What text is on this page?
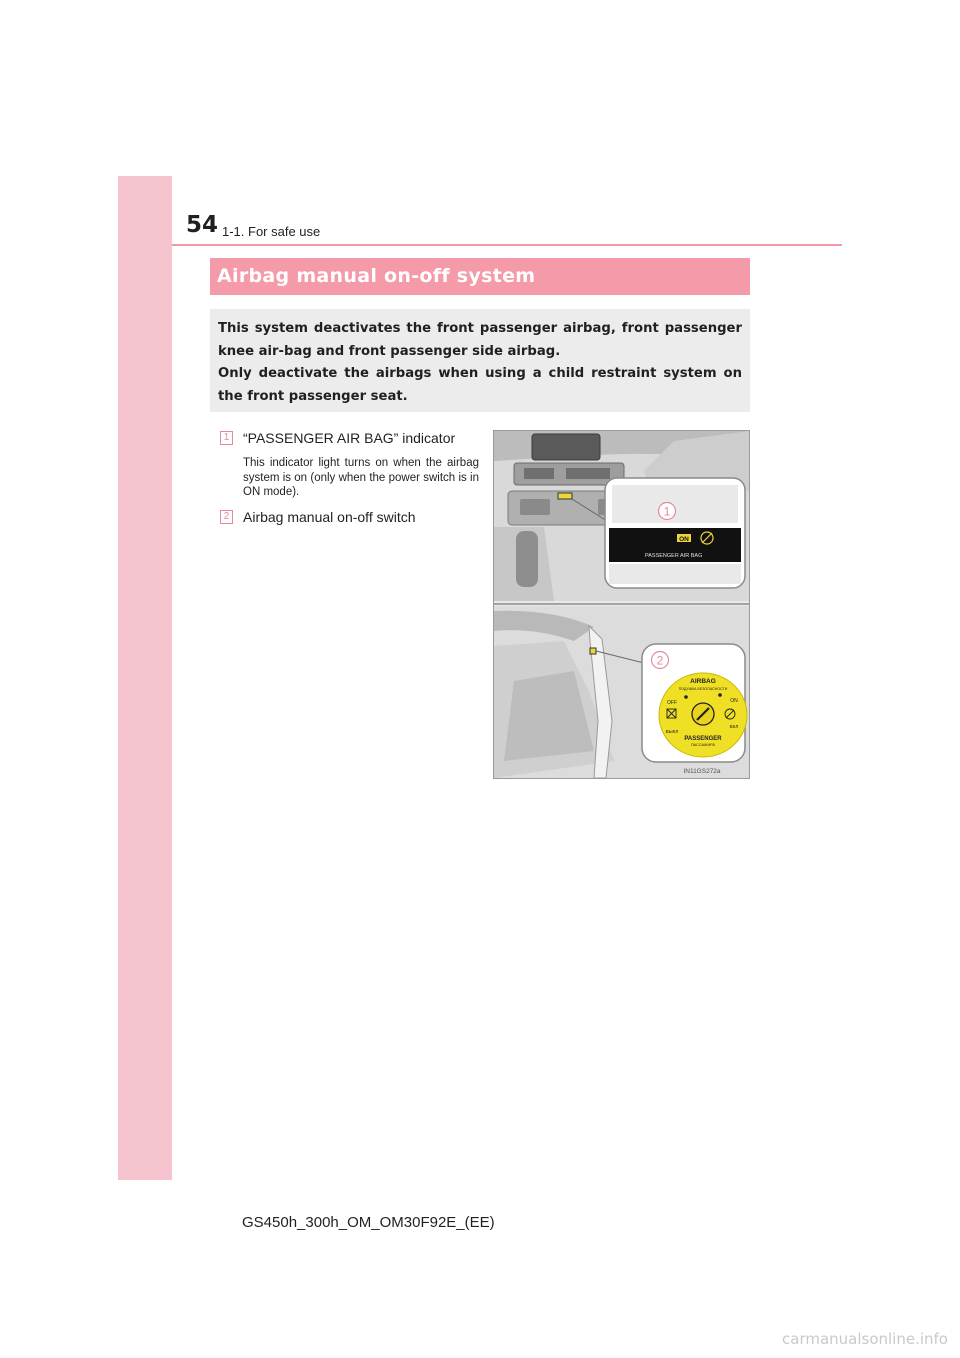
54 1-1. For safe use
Airbag manual on-off system

This system deactivates the front passenger airbag, front passenger knee air-bag and front passenger side airbag.

Only deactivate the airbags when using a child restraint system on the front passenger seat.

1 “PASSENGER AIR BAG” indicator
This indicator light turns on when the airbag system is on (only when the power switch is in ON mode).
2 Airbag manual on-off switch
ON
PASSENGER AIR BAG
1
AIRBAG
ПОДУШКА БЕЗОПАСНОСТИ
OFF	ON
ВЫКЛ
ВКЛ
PASSENGER
ПАССАЖИРА
2
IN11GS272a
GS450h_300h_OM_OM30F92E_(EE)
carmanualsonline.info
